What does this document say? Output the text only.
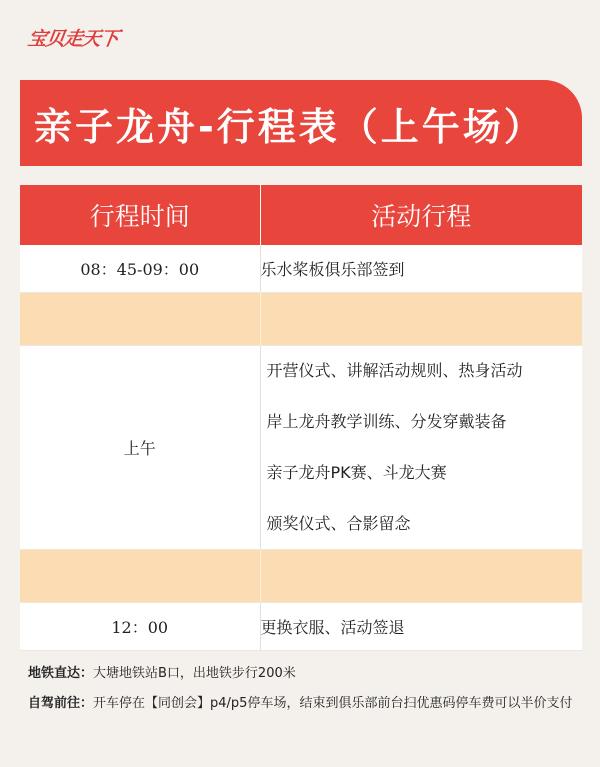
宝贝走天下
亲子龙舟-行程表（上午场）
行程时间	活动行程
08：45-09：00	乐水桨板俱乐部签到

上午	开营仪式、讲解活动规则、热身活动
岸上龙舟教学训练、分发穿戴装备
亲子龙舟PK赛、斗龙大赛
颁奖仪式、合影留念

12：00	更换衣服、活动签退

地铁直达：大塘地铁站B口，出地铁步行200米

自驾前往：开车停在【同创会】p4/p5停车场，结束到俱乐部前台扫优惠码停车费可以半价支付
